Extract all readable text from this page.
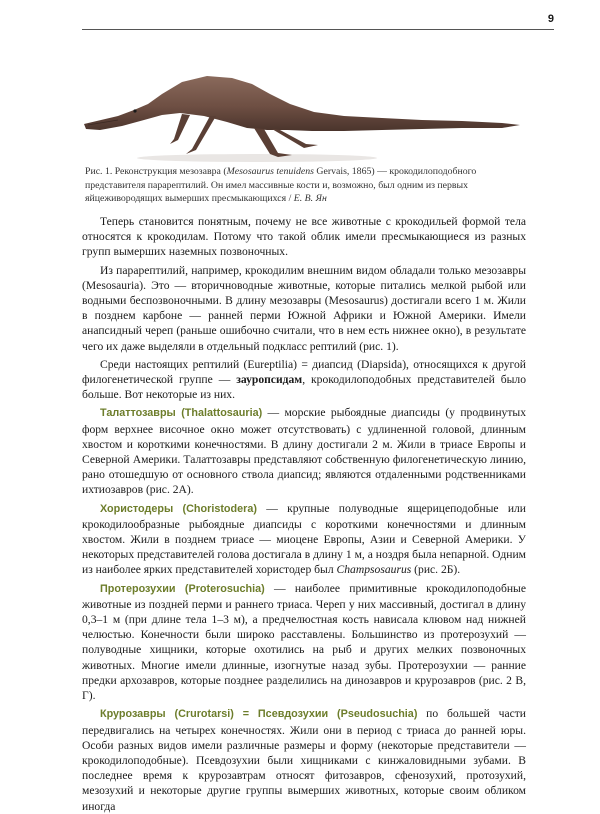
9
Рис. 1. Реконструкция мезозавра (Mesosaurus tenuidens Gervais, 1865) — крокодилоподобного представителя парарептилий. Он имел массивные кости и, возможно, был одним из первых яйцеживородящих вымерших пресмыкающихся / Е. В. Ян

Теперь становится понятным, почему не все животные с крокодильей формой тела относятся к крокодилам. Потому что такой облик имели пресмыкающиеся из разных групп вымерших наземных позвоночных.

Из парарептилий, например, крокодилим внешним видом обладали только мезозавры (Mesosauria). Это — вторичноводные животные, которые питались мелкой рыбой или водными беспозвоночными. В длину мезозавры (Mesosaurus) достигали всего 1 м. Жили в позднем карбоне — ранней перми Южной Африки и Южной Америки. Имели анапсидный череп (раньше ошибочно считали, что в нем есть нижнее окно), в результате чего их даже выделяли в отдельный подкласс рептилий (рис. 1).

Среди настоящих рептилий (Eureptilia) = диапсид (Diapsida), относящихся к другой филогенетической группе — зауропсидам, крокодилоподобных представителей было больше. Вот некоторые из них.

Талаттозавры (Thalattosauria) — морские рыбоядные диапсиды (у продвинутых форм верхнее височное окно может отсутствовать) с удлиненной головой, длинным хвостом и короткими конечностями. В длину достигали 2 м. Жили в триасе Европы и Северной Америки. Талаттозавры представляют собственную филогенетическую линию, рано отошедшую от основного ствола диапсид; являются отдаленными родственниками ихтиозавров (рис. 2А).

Хористодеры (Choristodera) — крупные полуводные ящерицеподобные или крокодилообразные рыбоядные диапсиды с короткими конечностями и длинным хвостом. Жили в позднем триасе — миоцене Европы, Азии и Северной Америки. У некоторых представителей голова достигала в длину 1 м, а ноздря была непарной. Одним из наиболее ярких представителей хористодер был Champsosaurus (рис. 2Б).

Протерозухии (Proterosuchia) — наиболее примитивные крокодилоподобные животные из поздней перми и раннего триаса. Череп у них массивный, достигал в длину 0,3–1 м (при длине тела 1–3 м), а предчелюстная кость нависала клювом над нижней челюстью. Конечности были широко расставлены. Большинство из протерозухий — полуводные хищники, которые охотились на рыб и других мелких позвоночных животных. Многие имели длинные, изогнутые назад зубы. Протерозухии — ранние предки архозавров, которые позднее разделились на динозавров и крурозавров (рис. 2 В, Г).

Крурозавры (Crurotarsi) = Псевдозухии (Pseudosuchia) по большей части передвигались на четырех конечностях. Жили они в период с триаса до ранней юры. Особи разных видов имели различные размеры и форму (некоторые представители — крокодилоподобные). Псевдозухии были хищниками с кинжаловидными зубами. В последнее время к крурозавтрам относят фитозавров, сфенозухий, протозухий, мезозухий и некоторые другие группы вымерших животных, которые своим обликом иногда
